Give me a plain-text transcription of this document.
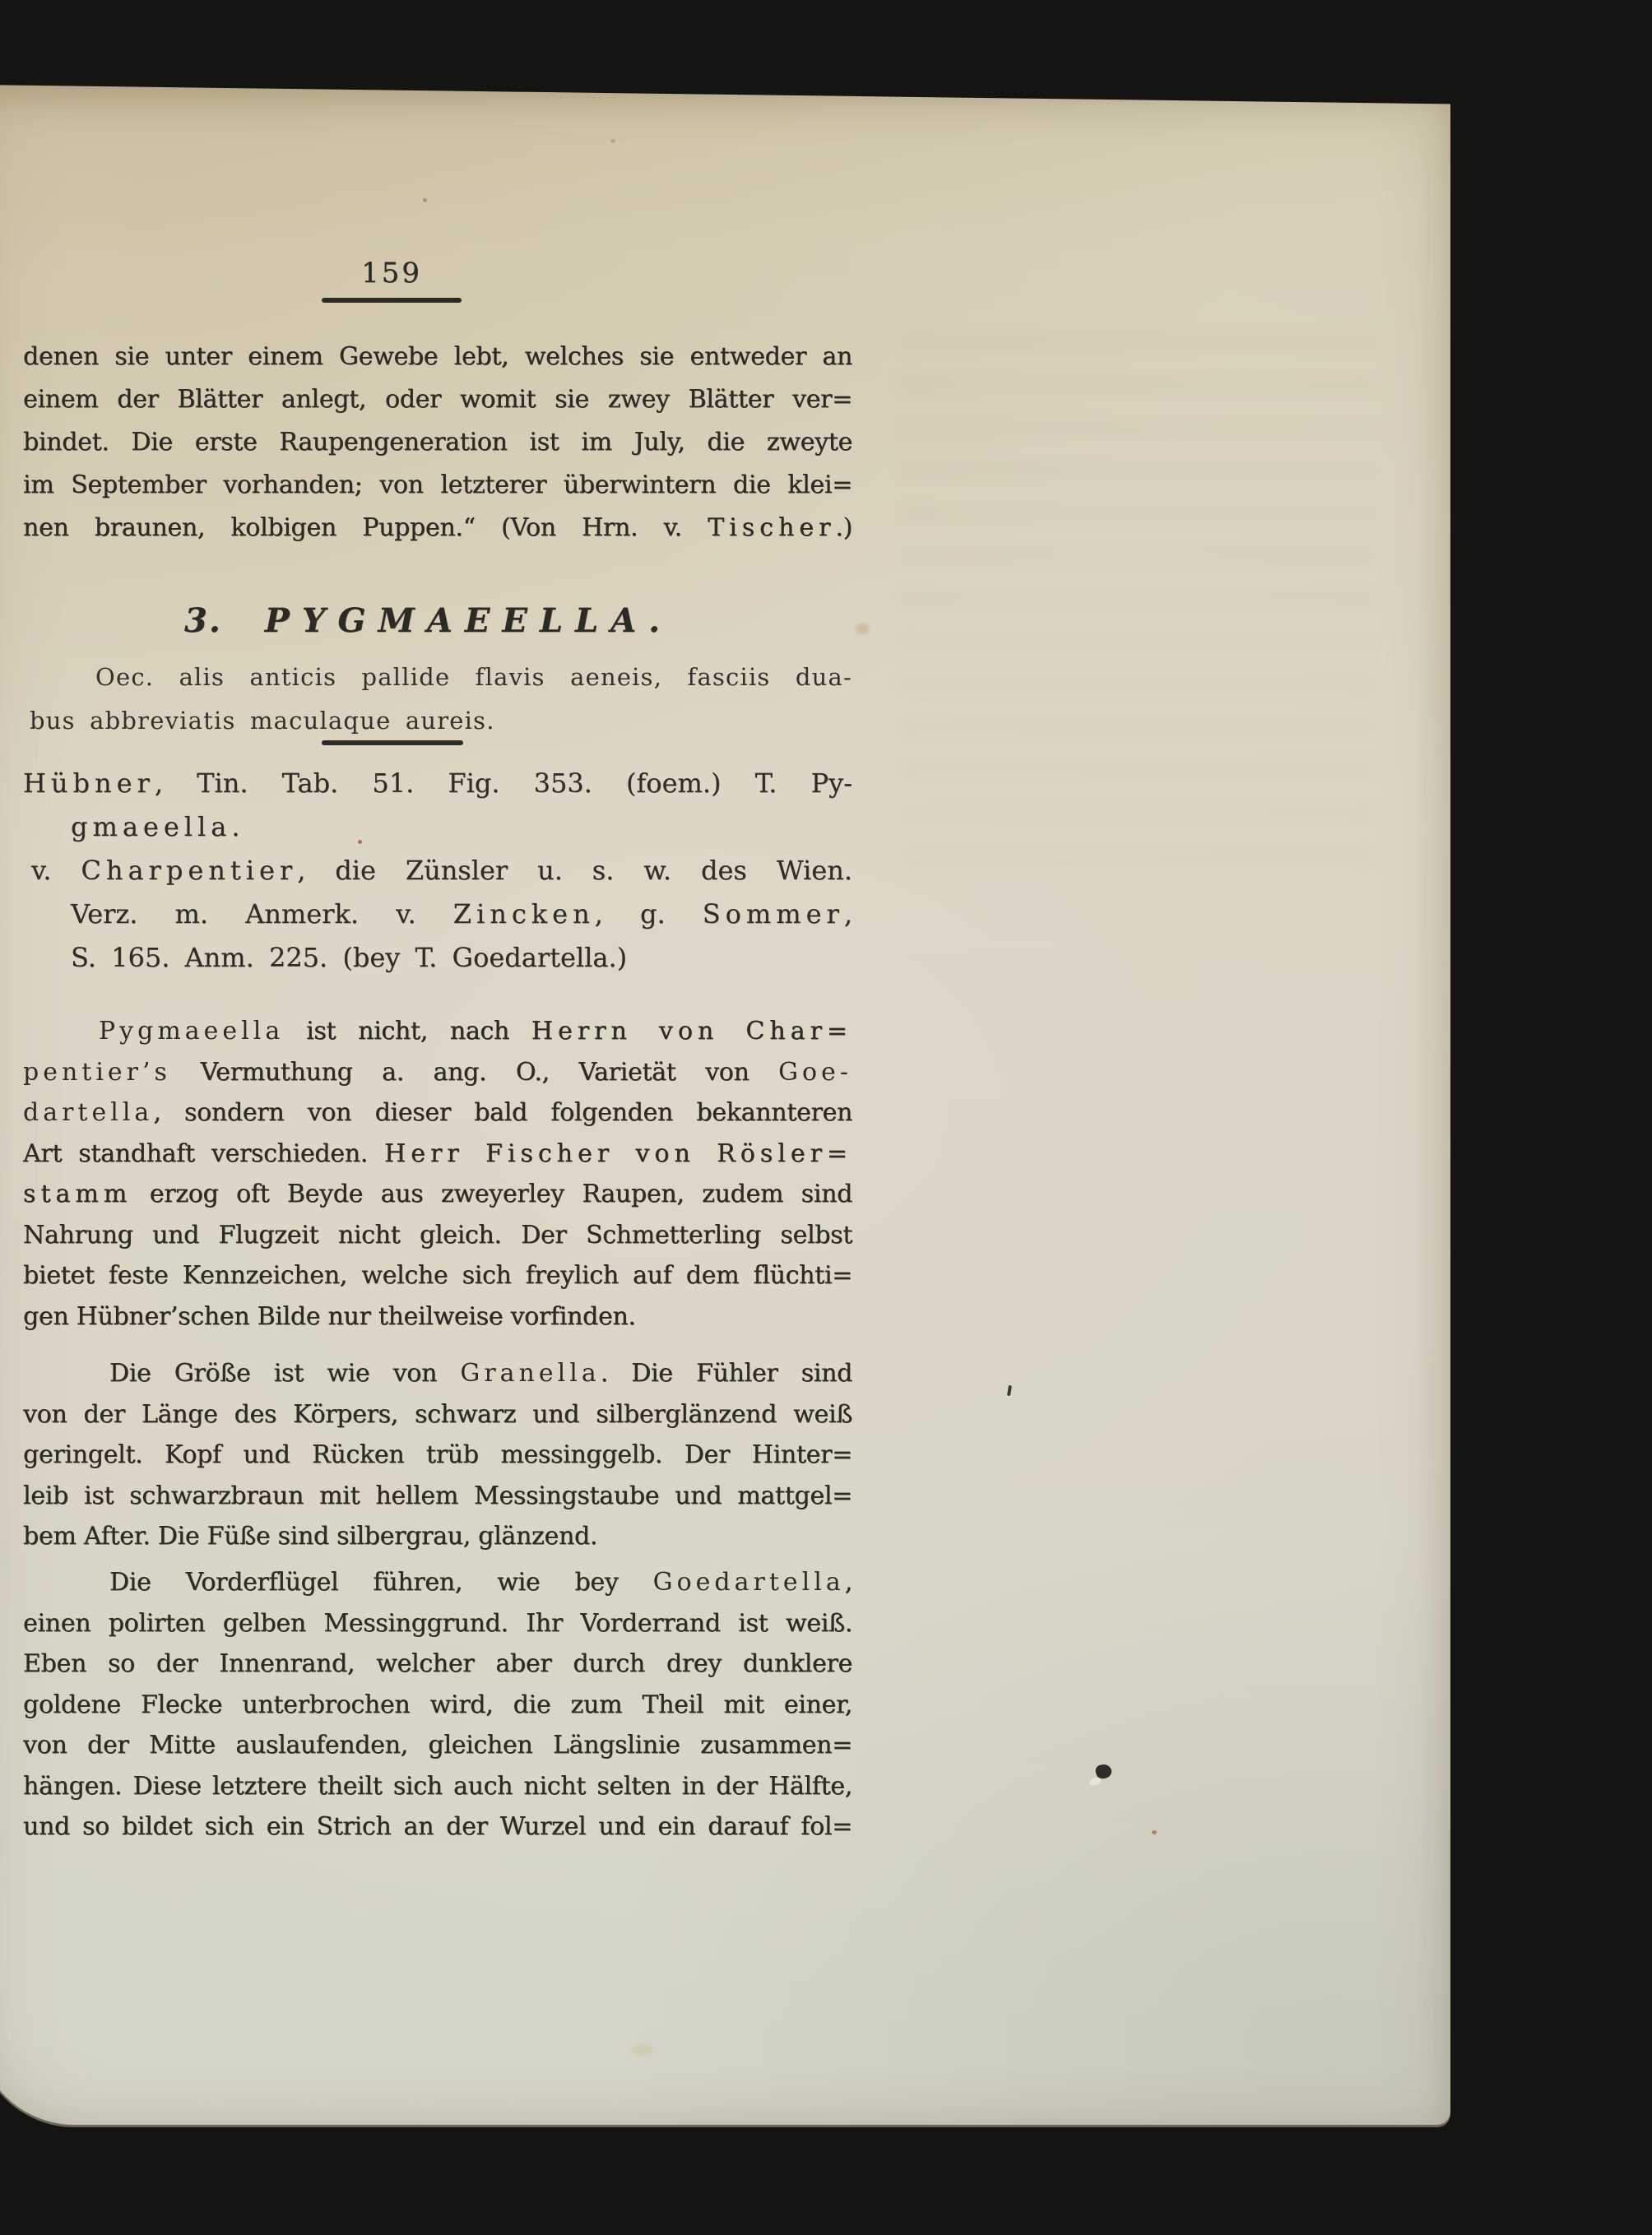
159
denen sie unter einem Gewebe lebt, welches sie entweder an
einem der Blätter anlegt, oder womit sie zwey Blätter ver=
bindet. Die erste Raupengeneration ist im July, die zweyte
im September vorhanden; von letzterer überwintern die klei=
nen braunen, kolbigen Puppen.“ (Von Hrn. v. Tischer.)
3. PYGMAEELLA.
Oec. alis anticis pallide flavis aeneis, fasciis dua-
bus abbreviatis maculaque aureis.
Hübner, Tin. Tab. 51. Fig. 353. (foem.) T. Py-
gmaeella.
v. Charpentier, die Zünsler u. s. w. des Wien.
Verz. m. Anmerk. v. Zincken, g. Sommer,
S. 165. Anm. 225. (bey T. Goedartella.)
Pygmaeella ist nicht, nach Herrn von Char=
pentier’s Vermuthung a. ang. O., Varietät von Goe-
dartella, sondern von dieser bald folgenden bekannteren
Art standhaft verschieden. Herr Fischer von Rösler=
stamm erzog oft Beyde aus zweyerley Raupen, zudem sind
Nahrung und Flugzeit nicht gleich. Der Schmetterling selbst
bietet feste Kennzeichen, welche sich freylich auf dem flüchti=
gen Hübner’schen Bilde nur theilweise vorfinden.
Die Größe ist wie von Granella. Die Fühler sind
von der Länge des Körpers, schwarz und silberglänzend weiß
geringelt. Kopf und Rücken trüb messinggelb. Der Hinter=
leib ist schwarzbraun mit hellem Messingstaube und mattgel=
bem After. Die Füße sind silbergrau, glänzend.
Die Vorderflügel führen, wie bey Goedartella,
einen polirten gelben Messinggrund. Ihr Vorderrand ist weiß.
Eben so der Innenrand, welcher aber durch drey dunklere
goldene Flecke unterbrochen wird, die zum Theil mit einer,
von der Mitte auslaufenden, gleichen Längslinie zusammen=
hängen. Diese letztere theilt sich auch nicht selten in der Hälfte,
und so bildet sich ein Strich an der Wurzel und ein darauf fol=
